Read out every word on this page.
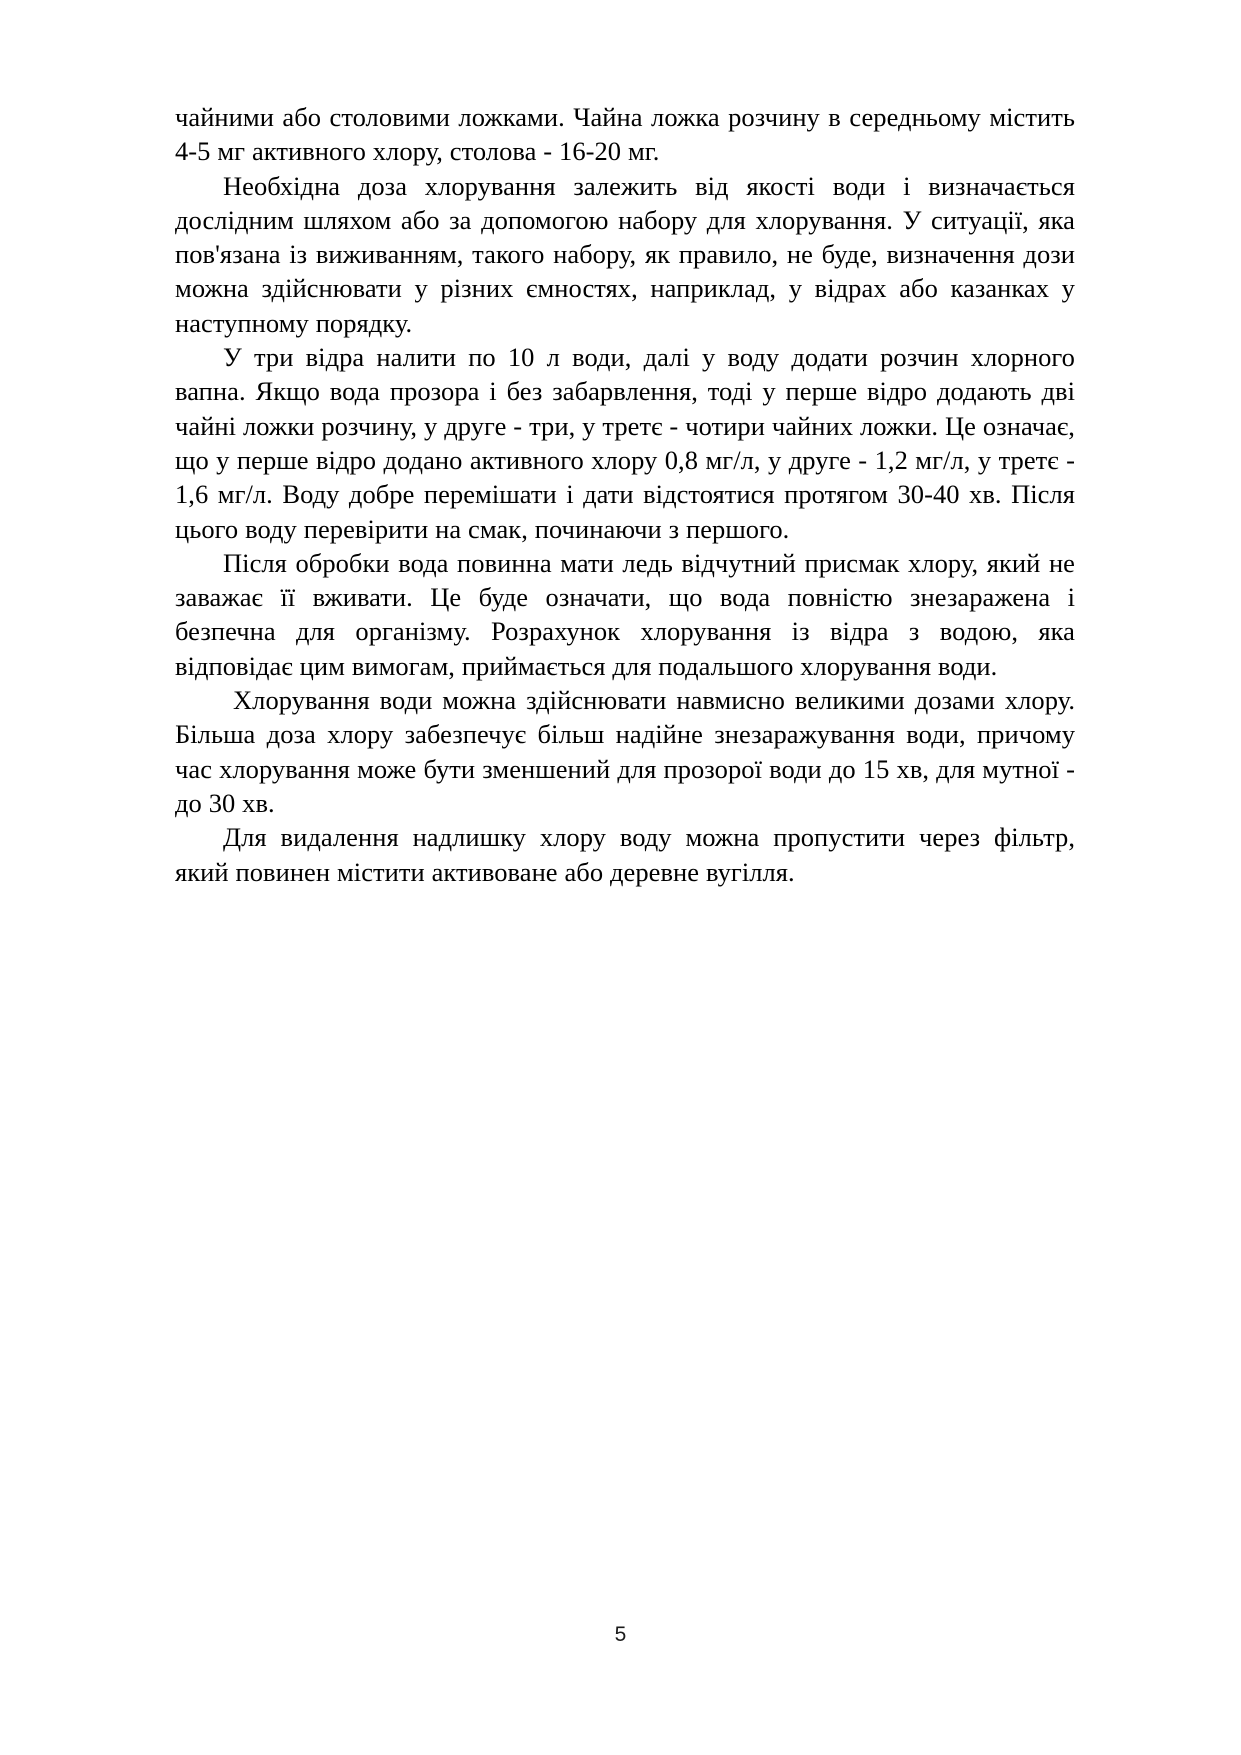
чайними або столовими ложками. Чайна ложка розчину в середньому містить 4-5 мг активного хлору, столова - 16-20 мг.

Необхідна доза хлорування залежить від якості води і визначається дослідним шляхом або за допомогою набору для хлорування. У ситуації, яка пов'язана із виживанням, такого набору, як правило, не буде, визначення дози можна здійснювати у різних ємностях, наприклад, у відрах або казанках у наступному порядку.

У три відра налити по 10 л води, далі у воду додати розчин хлорного вапна. Якщо вода прозора і без забарвлення, тоді у перше відро додають дві чайні ложки розчину, у друге - три, у третє - чотири чайних ложки. Це означає, що у перше відро додано активного хлору 0,8 мг/л, у друге - 1,2 мг/л, у третє - 1,6 мг/л. Воду добре перемішати і дати відстоятися протягом 30-40 хв. Після цього воду перевірити на смак, починаючи з першого.

Після обробки вода повинна мати ледь відчутний присмак хлору, який не заважає її вживати. Це буде означати, що вода повністю знезаражена і безпечна для організму. Розрахунок хлорування із відра з водою, яка відповідає цим вимогам, приймається для подальшого хлорування води.

Хлорування води можна здійснювати навмисно великими дозами хлору. Більша доза хлору забезпечує більш надійне знезаражування води, причому час хлорування може бути зменшений для прозорої води до 15 хв, для мутної - до 30 хв.

Для видалення надлишку хлору воду можна пропустити через фільтр, який повинен містити активоване або деревне вугілля.

5
